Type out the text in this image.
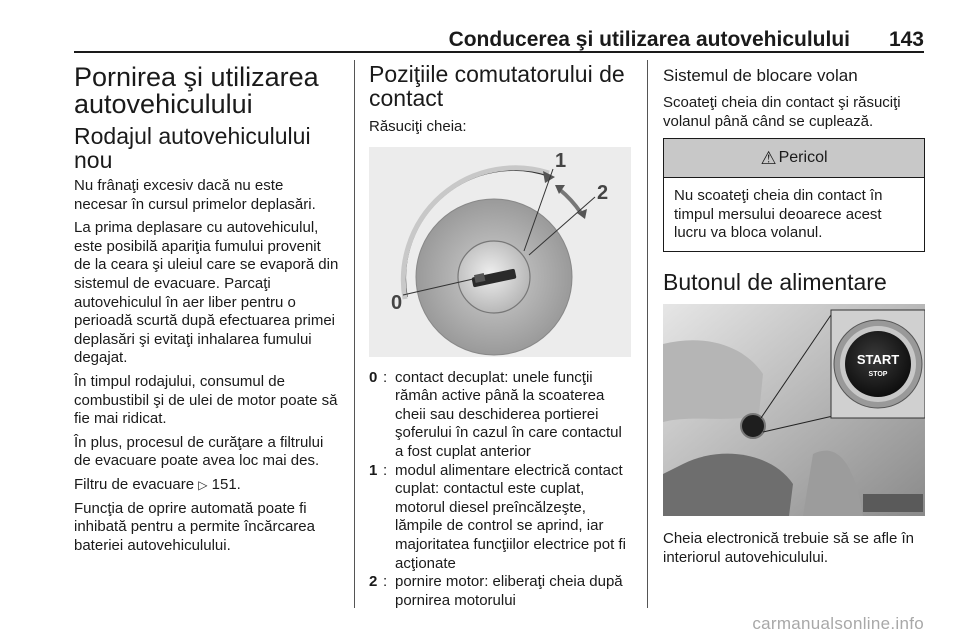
Conducerea şi utilizarea autovehiculului 143
Pornirea şi utilizarea autovehiculului
Rodajul autovehiculului nou

Nu frânaţi excesiv dacă nu este necesar în cursul primelor deplasări.

La prima deplasare cu autovehiculul, este posibilă apariţia fumului provenit de la ceara şi uleiul care se evaporă din sistemul de evacuare. Parcaţi autovehiculul în aer liber pentru o perioadă scurtă după efectuarea primei deplasări şi evitaţi inhalarea fumului degajat.

În timpul rodajului, consumul de combustibil şi de ulei de motor poate să fie mai ridicat.

În plus, procesul de curăţare a filtrului de evacuare poate avea loc mai des.

Filtru de evacuare ▷ 151.

Funcţia de oprire automată poate fi inhibată pentru a permite încărcarea bateriei autovehiculului.

Poziţiile comutatorului de contact

Răsuciţi cheia:

1
2
0
0 : contact decuplat: unele funcţii rămân active până la scoaterea cheii sau deschiderea portierei şoferului în cazul în care contactul a fost cuplat anterior
1 : modul alimentare electrică contact cuplat: contactul este cuplat, motorul diesel preîncălzeşte, lămpile de control se aprind, iar majoritatea funcţiilor electrice pot fi acţionate
2 : pornire motor: eliberaţi cheia după pornirea motorului
Sistemul de blocare volan

Scoateţi cheia din contact şi răsuciţi volanul până când se cuplează.

⚠ Pericol
Nu scoateţi cheia din contact în timpul mersului deoarece acest lucru va bloca volanul.
Butonul de alimentare
START
STOP

Cheia electronică trebuie să se afle în interiorul autovehiculului.

carmanualsonline.info
